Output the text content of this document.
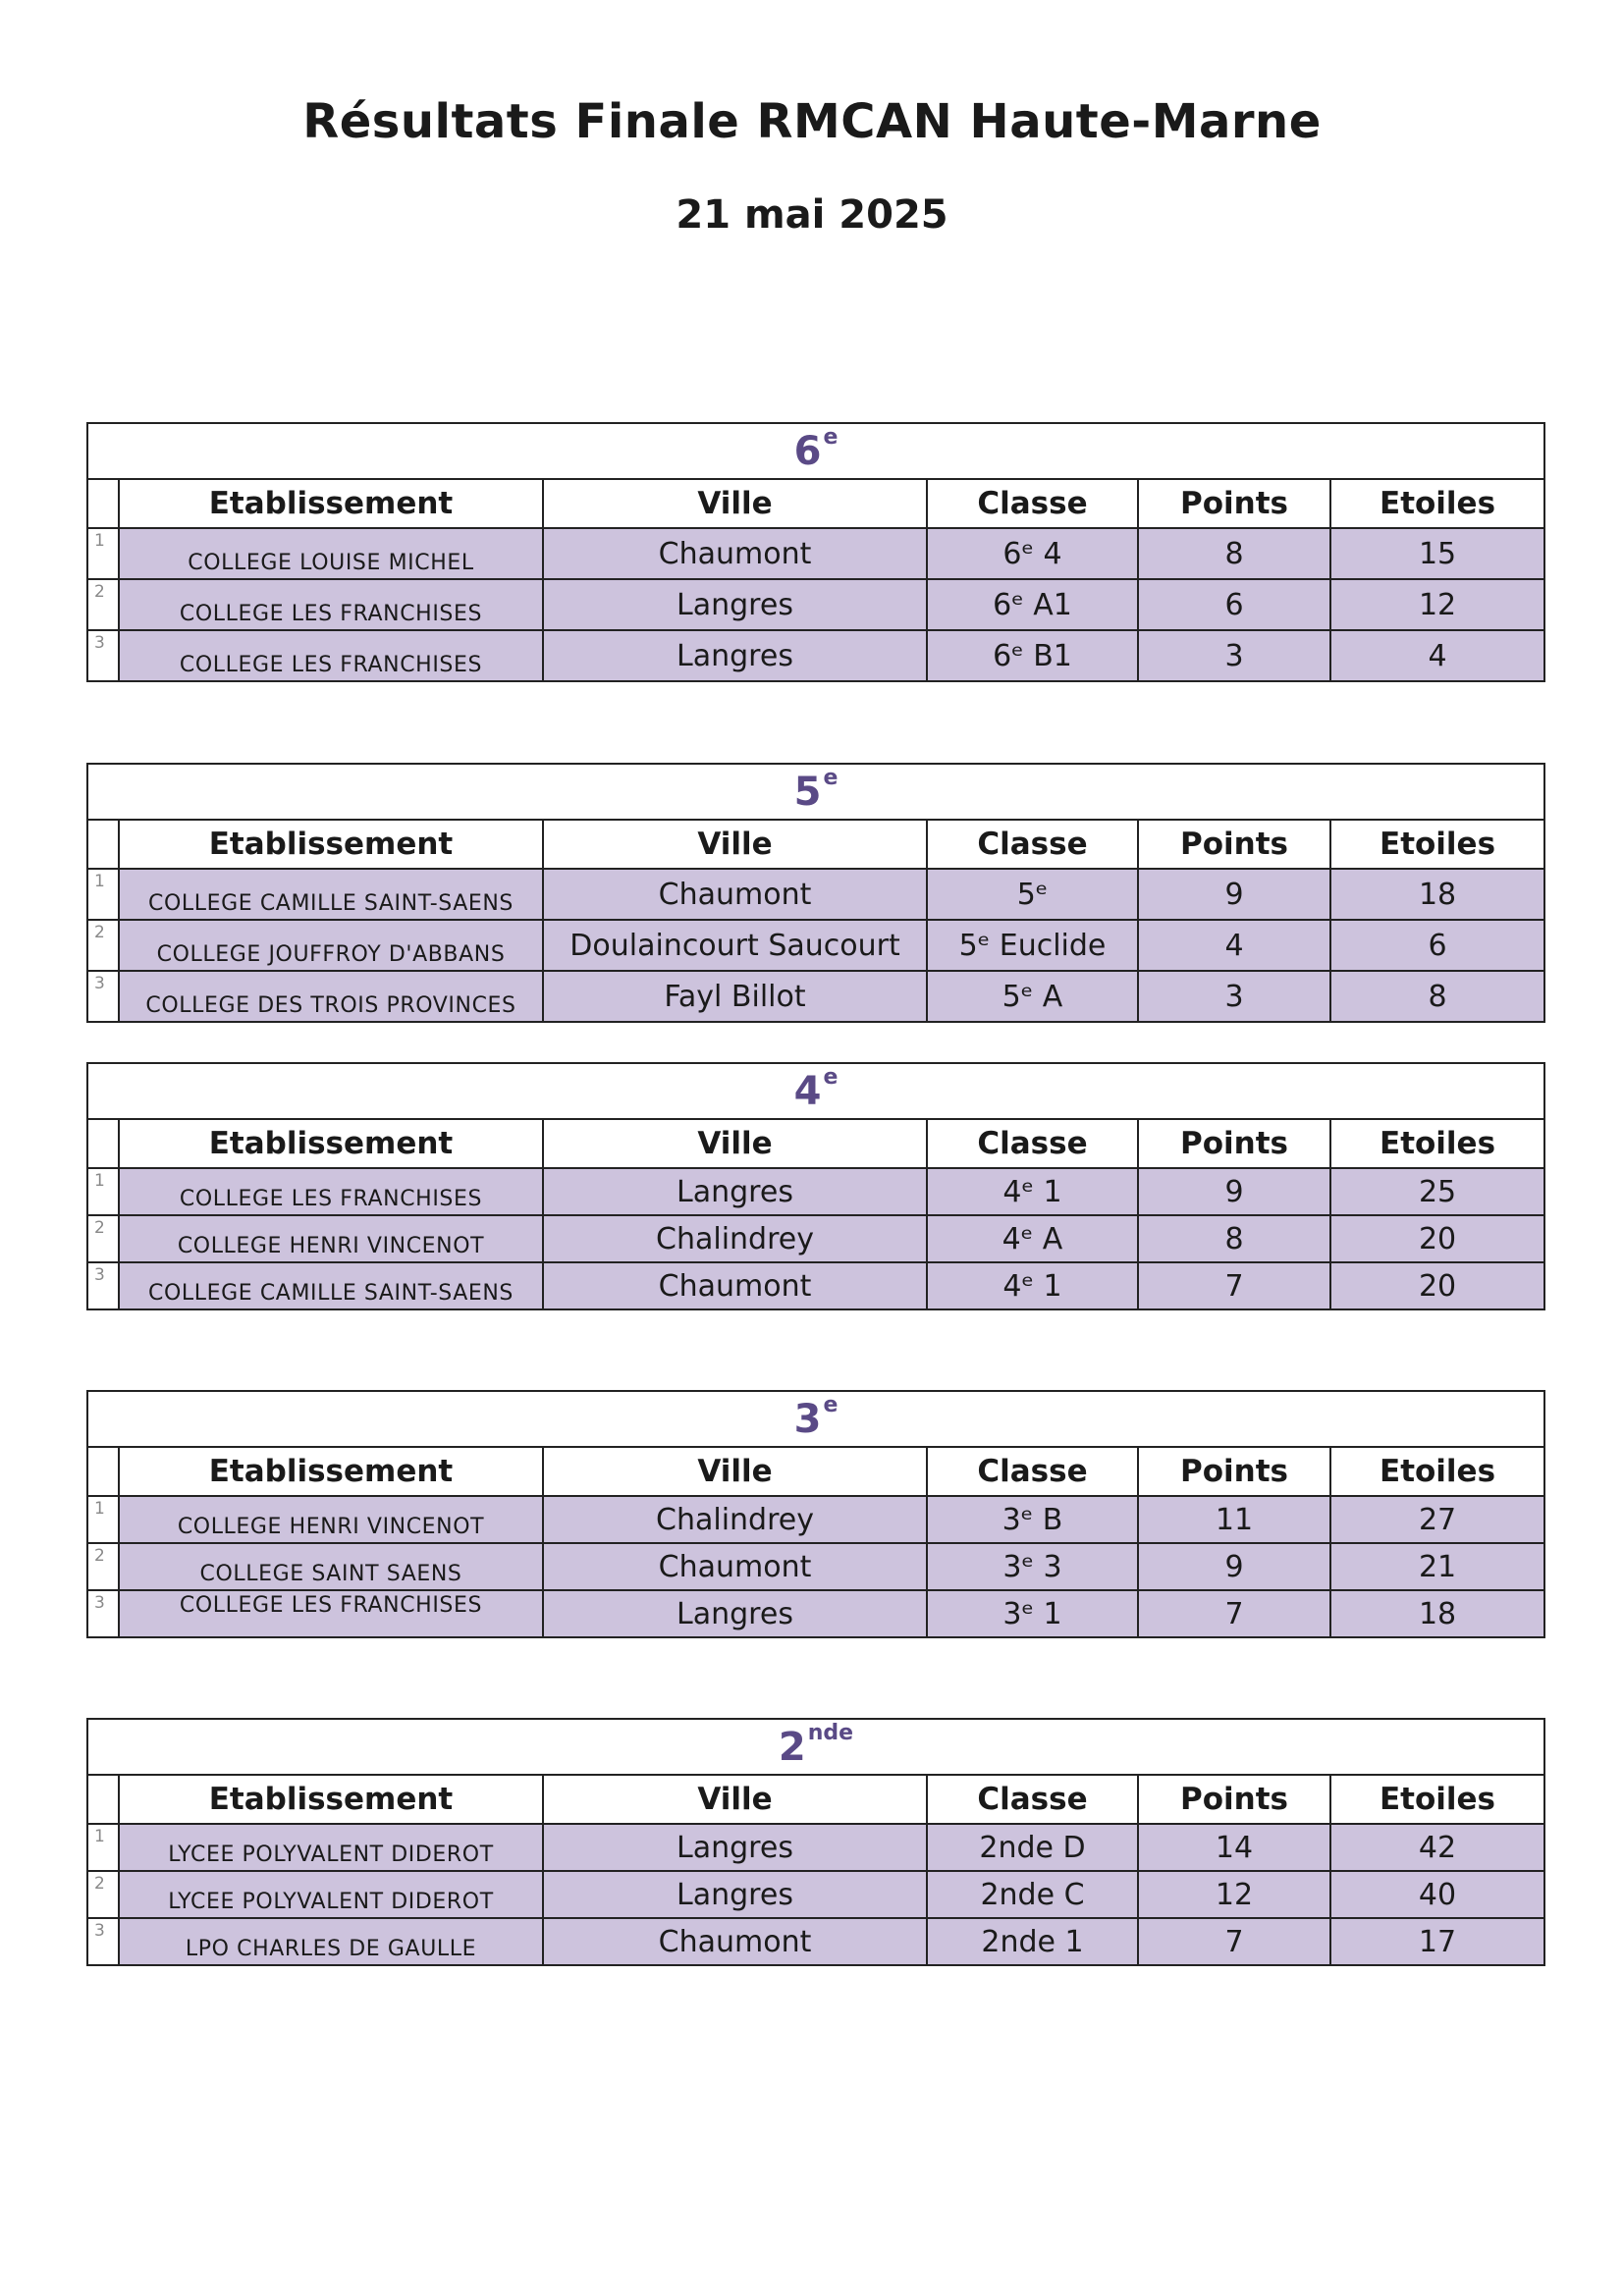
Résultats Finale RMCAN Haute-Marne
21 mai 2025
6e
	Etablissement	Ville	Classe	Points	Etoiles
1	COLLEGE LOUISE MICHEL	Chaumont	6ᵉ 4	8	15
2	COLLEGE LES FRANCHISES	Langres	6ᵉ A1	6	12
3	COLLEGE LES FRANCHISES	Langres	6ᵉ B1	3	4
5e
	Etablissement	Ville	Classe	Points	Etoiles
1	COLLEGE CAMILLE SAINT-SAENS	Chaumont	5ᵉ	9	18
2	COLLEGE JOUFFROY D'ABBANS	Doulaincourt Saucourt	5ᵉ Euclide	4	6
3	COLLEGE DES TROIS PROVINCES	Fayl Billot	5ᵉ A	3	8
4e
	Etablissement	Ville	Classe	Points	Etoiles
1	COLLEGE LES FRANCHISES	Langres	4ᵉ 1	9	25
2	COLLEGE HENRI VINCENOT	Chalindrey	4ᵉ A	8	20
3	COLLEGE CAMILLE SAINT-SAENS	Chaumont	4ᵉ 1	7	20
3e
	Etablissement	Ville	Classe	Points	Etoiles
1	COLLEGE HENRI VINCENOT	Chalindrey	3ᵉ B	11	27
2	COLLEGE SAINT SAENS	Chaumont	3ᵉ 3	9	21
3	COLLEGE LES FRANCHISES	Langres	3ᵉ 1	7	18
2nde
	Etablissement	Ville	Classe	Points	Etoiles
1	LYCEE POLYVALENT DIDEROT	Langres	2nde D	14	42
2	LYCEE POLYVALENT DIDEROT	Langres	2nde C	12	40
3	LPO CHARLES DE GAULLE	Chaumont	2nde 1	7	17
